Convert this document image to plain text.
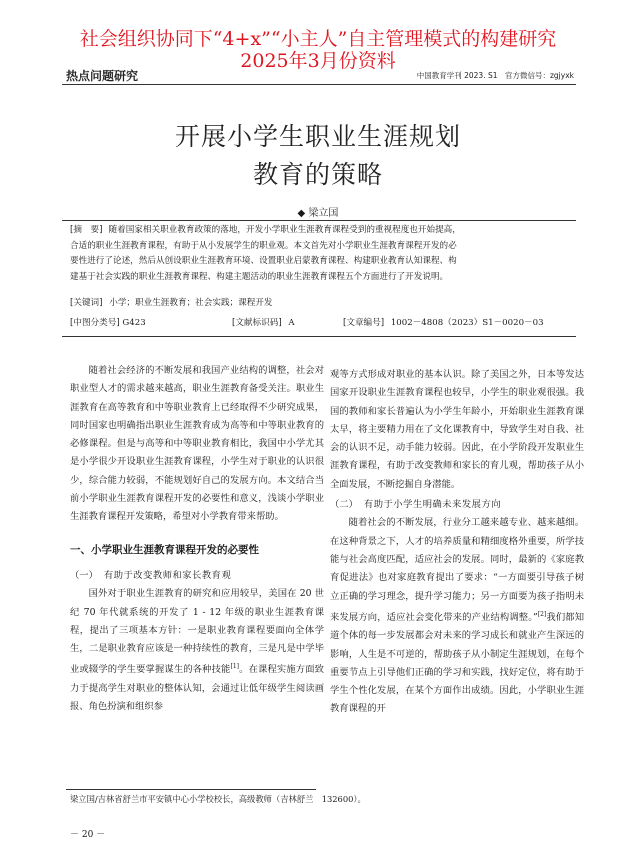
社会组织协同下“4+x”“小主人”自主管理模式的构建研究
2025年3月份资料
热点问题研究	中国教育学刊 2023. S1　官方微信号：zgjyxk
开展小学生职业生涯规划
教育的策略
◆ 梁立国
[摘　要] 随着国家相关职业教育政策的落地，开发小学职业生涯教育课程受到的重视程度也开始提高，
合适的职业生涯教育课程，有助于从小发展学生的职业观。本文首先对小学职业生涯教育课程开发的必
要性进行了论述，然后从创设职业生涯教育环境、设置职业启蒙教育课程、构建职业教育认知课程、构
建基于社会实践的职业生涯教育课程、构建主题活动的职业生涯教育课程五个方面进行了开发说明。
[关键词] 小学；职业生涯教育；社会实践；课程开发
[中图分类号] G423	[文献标识码] A	[文章编号] 1002－4808（2023）S1－0020－03

随着社会经济的不断发展和我国产业结构的调整，社会对职业型人才的需求越来越高，职业生涯教育备受关注。职业生涯教育在高等教育和中等职业教育上已经取得不少研究成果，同时国家也明确指出职业生涯教育成为高等和中等职业教育的必修课程。但是与高等和中等职业教育相比，我国中小学尤其是小学很少开设职业生涯教育课程，小学生对于职业的认识很少，综合能力较弱，不能规划好自己的发展方向。本文结合当前小学职业生涯教育课程开发的必要性和意义，浅谈小学职业生涯教育课程开发策略，希望对小学教育带来帮助。

一、小学职业生涯教育课程开发的必要性

（一） 有助于改变教师和家长教育观

国外对于职业生涯教育的研究和应用较早，美国在 20 世纪 70 年代就系统的开发了 1 - 12 年级的职业生涯教育课程，提出了三项基本方针：一是职业教育课程要面向全体学生，二是职业教育应该是一种持续性的教育，三是凡是中学毕业或辍学的学生要掌握谋生的各种技能[1]。在课程实施方面致力于提高学生对职业的整体认知，会通过让低年级学生阅读画报、角色扮演和组织参

观等方式形成对职业的基本认识。除了美国之外，日本等发达国家开设职业生涯教育课程也较早，小学生的职业观很强。我国的教师和家长普遍认为小学生年龄小，开始职业生涯教育课太早，将主要精力用在了文化课教育中，导致学生对自我、社会的认识不足，动手能力较弱。因此，在小学阶段开发职业生涯教育课程，有助于改变教师和家长的育儿观，帮助孩子从小全面发展，不断挖掘自身潜能。

（二） 有助于小学生明确未来发展方向

随着社会的不断发展，行业分工越来越专业、越来越细。在这种背景之下，人才的培养质量和精细度格外重要，所学技能与社会高度匹配，适应社会的发展。同时，最新的《家庭教育促进法》也对家庭教育提出了要求：“一方面要引导孩子树立正确的学习理念，提升学习能力；另一方面要为孩子指明未来发展方向，适应社会变化带来的产业结构调整。”[2]我们都知道个体的每一步发展都会对未来的学习成长和就业产生深远的影响，人生是不可逆的，帮助孩子从小制定生涯规划，在每个重要节点上引导他们正确的学习和实践，找好定位，将有助于学生个性化发展，在某个方面作出成绩。因此，小学职业生涯教育课程的开

梁立国/吉林省舒兰市平安镇中心小学校校长，高级教师（吉林舒兰　132600）。
－ 20 －
